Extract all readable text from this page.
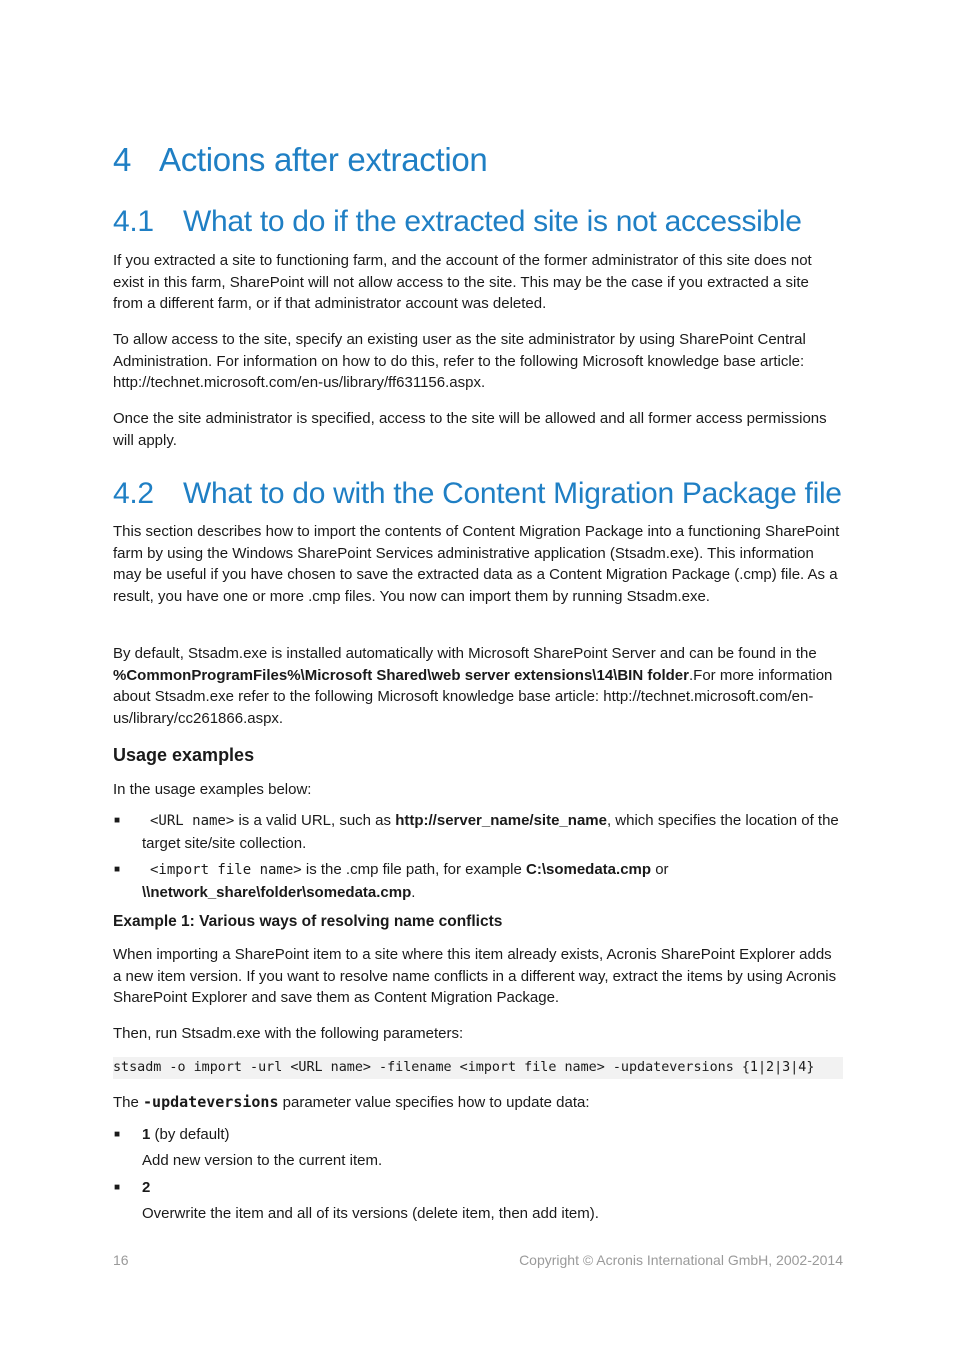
4 Actions after extraction
4.1 What to do if the extracted site is not accessible

If you extracted a site to functioning farm, and the account of the former administrator of this site does not exist in this farm, SharePoint will not allow access to the site. This may be the case if you extracted a site from a different farm, or if that administrator account was deleted.

To allow access to the site, specify an existing user as the site administrator by using SharePoint Central Administration. For information on how to do this, refer to the following Microsoft knowledge base article: http://technet.microsoft.com/en-us/library/ff631156.aspx.

Once the site administrator is specified, access to the site will be allowed and all former access permissions will apply.

4.2 What to do with the Content Migration Package file

This section describes how to import the contents of Content Migration Package into a functioning SharePoint farm by using the Windows SharePoint Services administrative application (Stsadm.exe). This information may be useful if you have chosen to save the extracted data as a Content Migration Package (.cmp) file. As a result, you have one or more .cmp files. You now can import them by running Stsadm.exe.

By default, Stsadm.exe is installed automatically with Microsoft SharePoint Server and can be found in the %CommonProgramFiles%\Microsoft Shared\web server extensions\14\BIN folder.For more information about Stsadm.exe refer to the following Microsoft knowledge base article: http://technet.microsoft.com/en-us/library/cc261866.aspx.

Usage examples

In the usage examples below:

■	<URL name> is a valid URL, such as http://server_name/site_name, which specifies the location of the target site/site collection.
■	<import file name> is the .cmp file path, for example C:\somedata.cmp or \\network_share\folder\somedata.cmp.
Example 1: Various ways of resolving name conflicts

When importing a SharePoint item to a site where this item already exists, Acronis SharePoint Explorer adds a new item version. If you want to resolve name conflicts in a different way, extract the items by using Acronis SharePoint Explorer and save them as Content Migration Package.

Then, run Stsadm.exe with the following parameters:

stsadm -o import -url <URL name> -filename <import file name> -updateversions {1|2|3|4}

The -updateversions parameter value specifies how to update data:

■ 1 (by default)

Add new version to the current item.

■ 2

Overwrite the item and all of its versions (delete item, then add item).

16	Copyright © Acronis International GmbH, 2002-2014
